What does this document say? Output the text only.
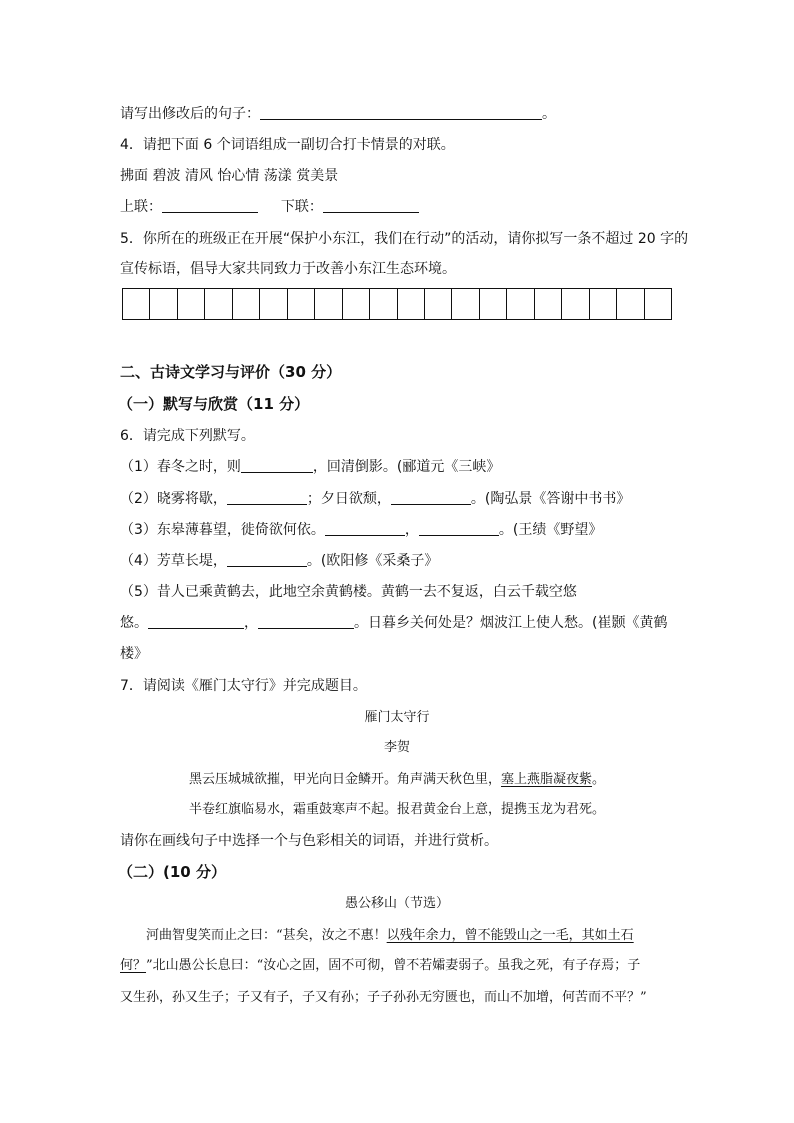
请写出修改后的句子：	。
4．请把下面 6 个词语组成一副切合打卡情景的对联。
拂面 碧波 清风 怡心情 荡漾 赏美景
上联：	下联：
5．你所在的班级正在开展“保护小东江，我们在行动”的活动，请你拟写一条不超过 20 字的
宣传标语，倡导大家共同致力于改善小东江生态环境。
二、古诗文学习与评价（30 分）
（一）默写与欣赏（11 分）
6．请完成下列默写。
（1）春冬之时，则	，回清倒影。(郦道元《三峡》
（2）晓雾将歇，	；夕日欲颓，	。(陶弘景《答谢中书书》
（3）东皋薄暮望，徙倚欲何依。	，	。(王绩《野望》
（4）芳草长堤，	。(欧阳修《采桑子》
（5）昔人已乘黄鹤去，此地空余黄鹤楼。黄鹤一去不复返，白云千载空悠
悠。	，	。日暮乡关何处是？烟波江上使人愁。(崔颢《黄鹤
楼》
7．请阅读《雁门太守行》并完成题目。
雁门太守行
李贺
黑云压城城欲摧，甲光向日金鳞开。角声满天秋色里，塞上燕脂凝夜紫。
半卷红旗临易水，霜重鼓寒声不起。报君黄金台上意，提携玉龙为君死。
请你在画线句子中选择一个与色彩相关的词语，并进行赏析。
（二）(10 分）
愚公移山（节选）
河曲智叟笑而止之曰：“甚矣，汝之不惠！以残年余力，曾不能毁山之一毛，其如土石
何？”北山愚公长息曰：“汝心之固，固不可彻，曾不若孀妻弱子。虽我之死，有子存焉；子
又生孙，孙又生子；子又有子，子又有孙；子子孙孙无穷匮也，而山不加增，何苦而不平？”
